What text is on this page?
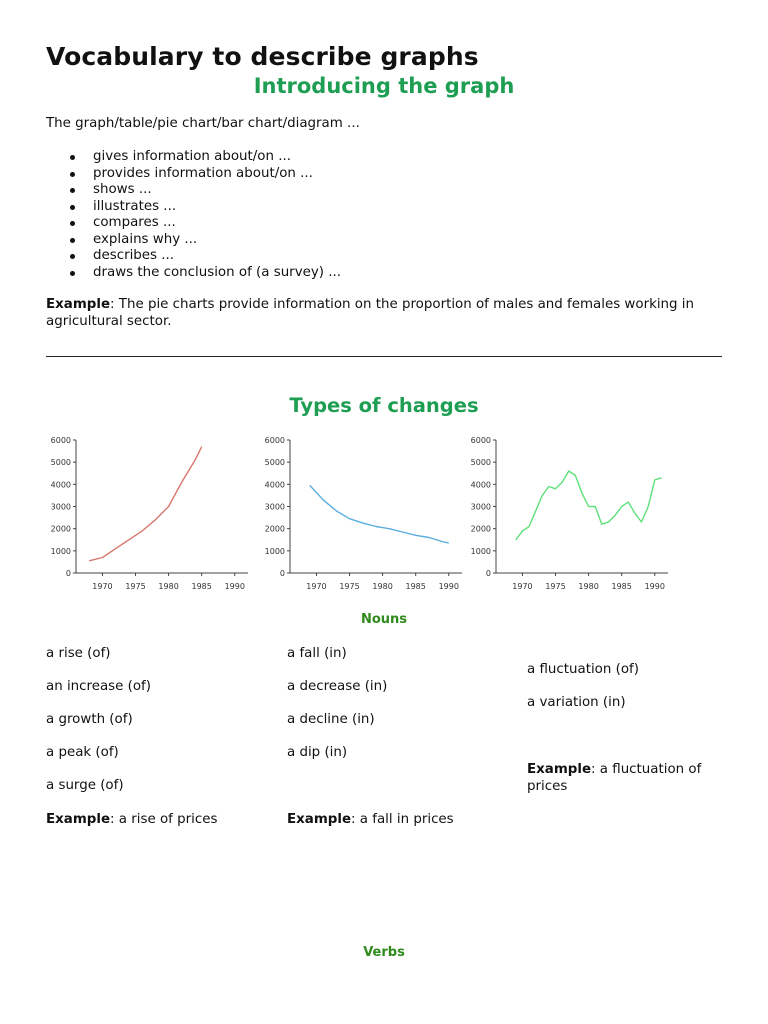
Vocabulary to describe graphs
Introducing the graph
The graph/table/pie chart/bar chart/diagram ...
gives information about/on ...
provides information about/on ...
shows ...
illustrates ...
compares ...
explains why ...
describes ...
draws the conclusion of (a survey) ...
Example: The pie charts provide information on the proportion of males and females working in agricultural sector.
Types of changes
0
1000
2000
3000
4000
5000
6000
1970 1975 1980 1985 1990
0
1000
2000
3000
4000
5000
6000
1970 1975 1980 1985 1990
0
1000
2000
3000
4000
5000
6000
1970 1975 1980 1985 1990
Nouns
a rise (of)
an increase (of)
a growth (of)
a peak (of)
a surge (of)
Example: a rise of prices
a fall (in)
a decrease (in)
a decline (in)
a dip (in)
Example: a fall in prices
a fluctuation (of)
a variation (in)
Example: a fluctuation of prices
Verbs
